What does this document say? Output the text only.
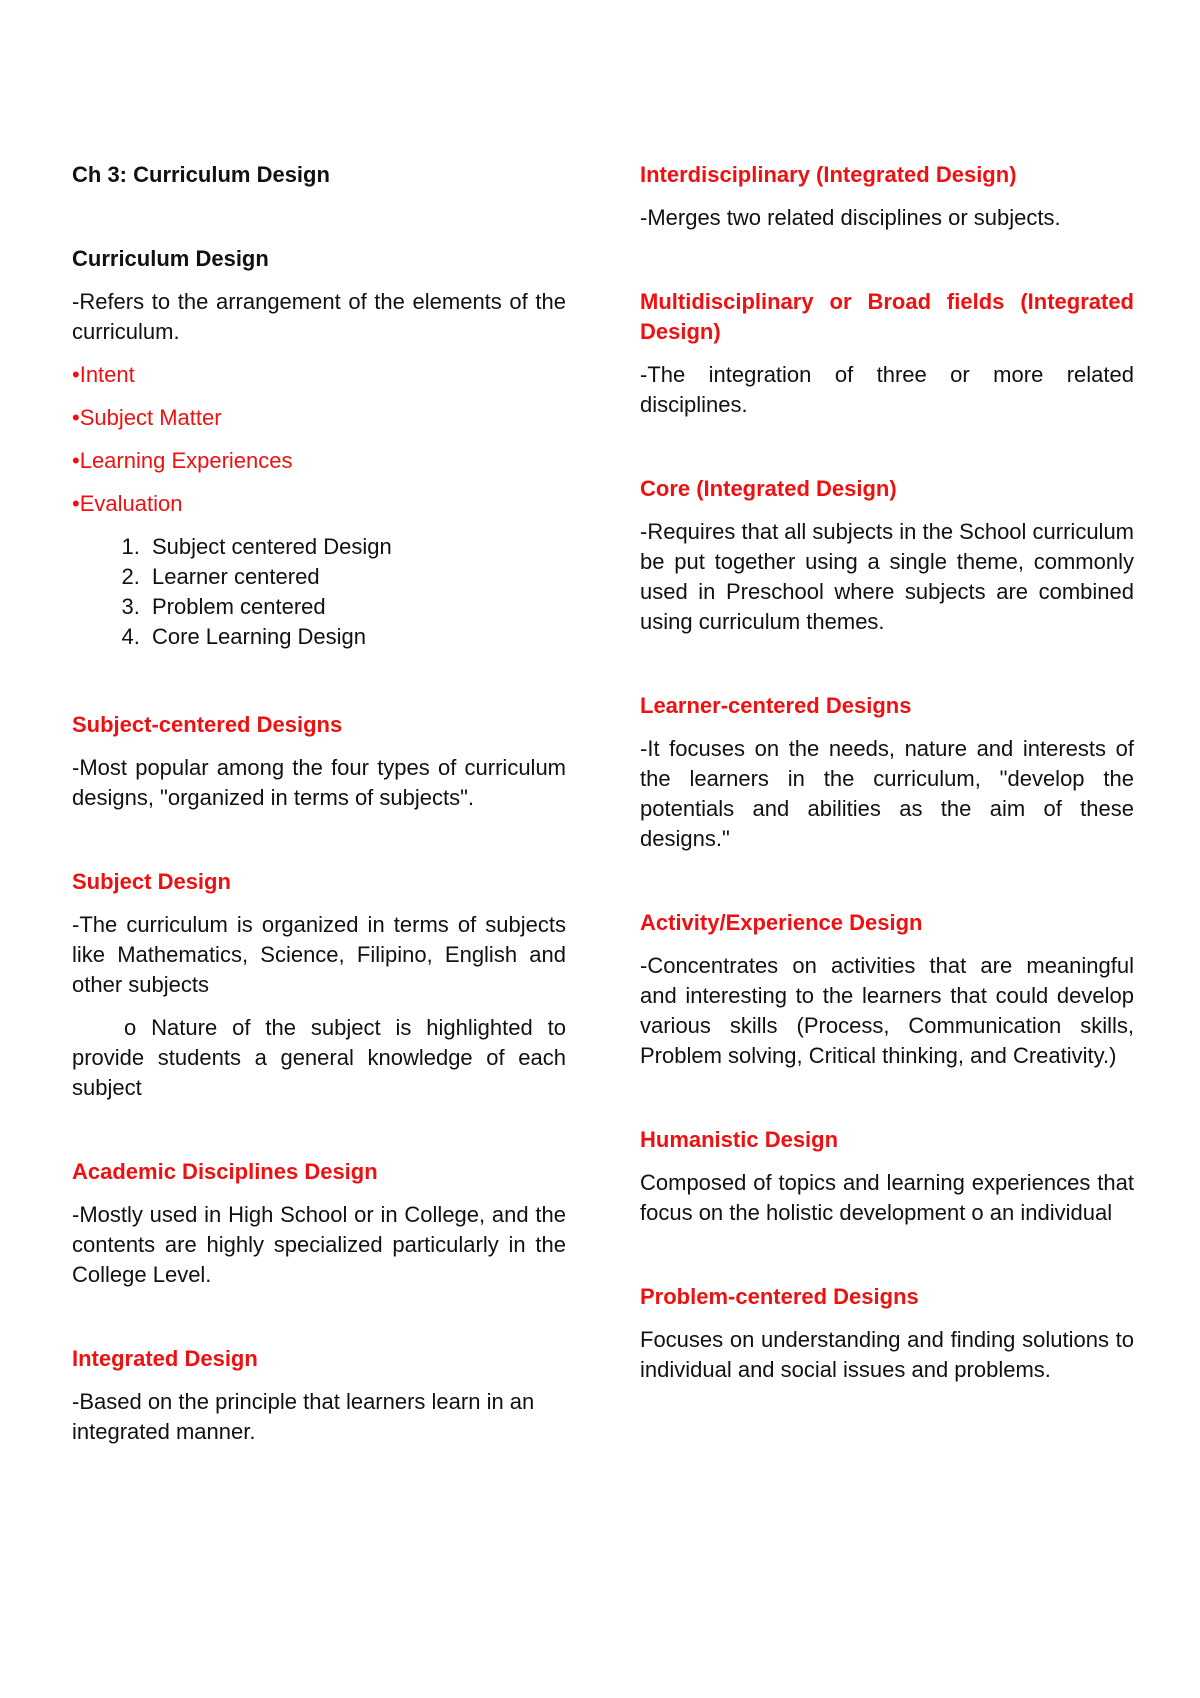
Ch 3: Curriculum Design
Curriculum Design

-Refers to the arrangement of the elements of the curriculum.

•Intent

•Subject Matter

•Learning Experiences

•Evaluation

1. Subject centered Design
2. Learner centered
3. Problem centered
4. Core Learning Design
Subject-centered Designs

-Most popular among the four types of curriculum designs, "organized in terms of subjects".

Subject Design

-The curriculum is organized in terms of subjects like Mathematics, Science, Filipino, English and other subjects

o Nature of the subject is highlighted to provide students a general knowledge of each subject

Academic Disciplines Design

-Mostly used in High School or in College, and the contents are highly specialized particularly in the College Level.

Integrated Design

-Based on the principle that learners learn in an integrated manner.

Interdisciplinary (Integrated Design)

-Merges two related disciplines or subjects.

Multidisciplinary or Broad fields (Integrated Design)

-The integration of three or more related disciplines.

Core (Integrated Design)

-Requires that all subjects in the School curriculum be put together using a single theme, commonly used in Preschool where subjects are combined using curriculum themes.

Learner-centered Designs

-It focuses on the needs, nature and interests of the learners in the curriculum, "develop the potentials and abilities as the aim of these designs."

Activity/Experience Design

-Concentrates on activities that are meaningful and interesting to the learners that could develop various skills (Process, Communication skills, Problem solving, Critical thinking, and Creativity.)

Humanistic Design

Composed of topics and learning experiences that focus on the holistic development o an individual

Problem-centered Designs

Focuses on understanding and finding solutions to individual and social issues and problems.
